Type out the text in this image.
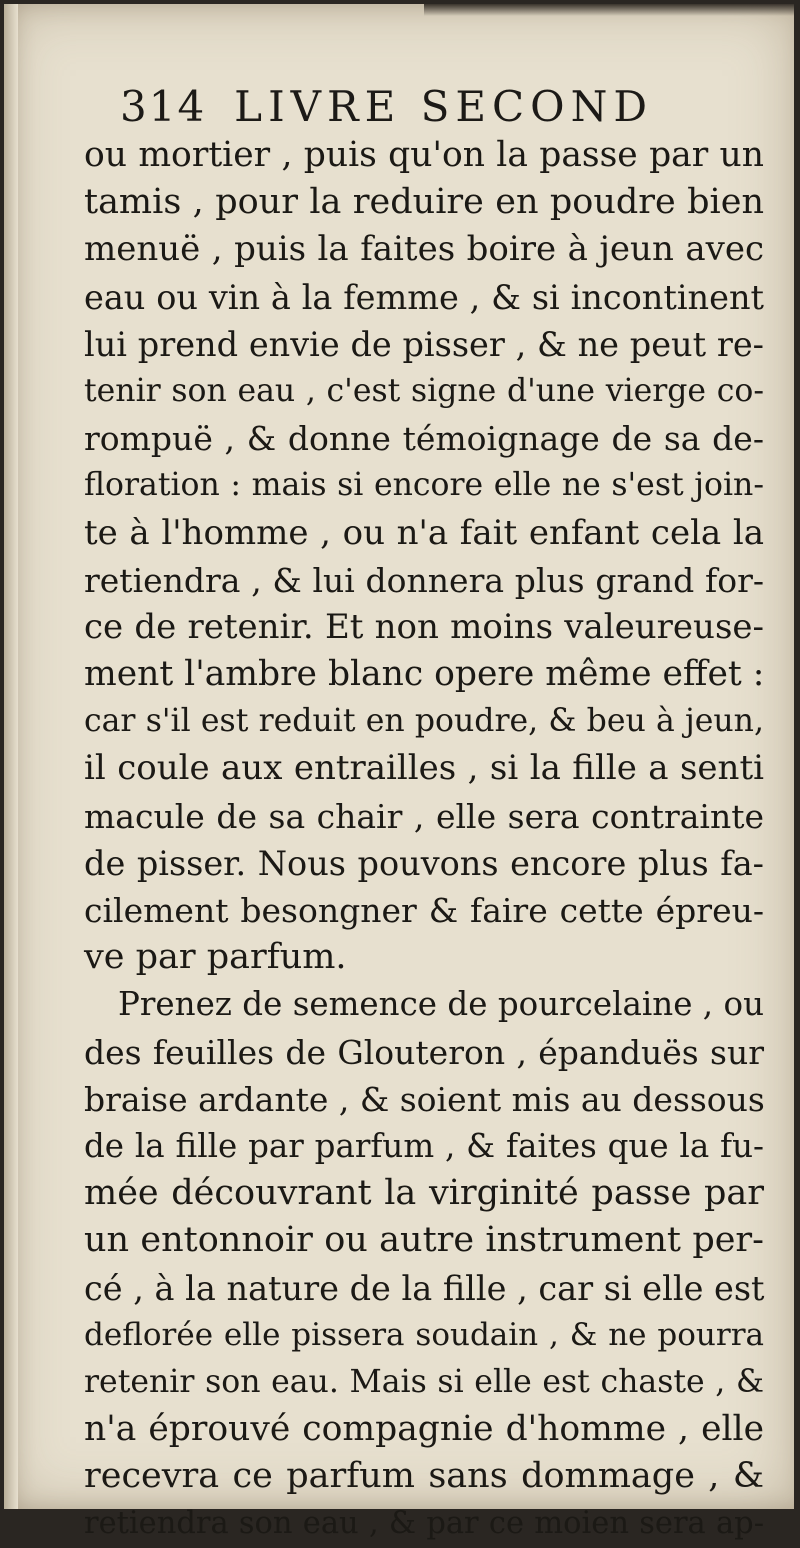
314 LIVRE SECOND
ou mortier , puis qu'on la passe par un
tamis , pour la reduire en poudre bien
menuë , puis la faites boire à jeun avec
eau ou vin à la femme , & si incontinent
lui prend envie de pisser , & ne peut re-
tenir son eau , c'est signe d'une vierge co-
rompuë , & donne témoignage de sa de-
floration : mais si encore elle ne s'est join-
te à l'homme , ou n'a fait enfant cela la
retiendra , & lui donnera plus grand for-
ce de retenir. Et non moins valeureuse-
ment l'ambre blanc opere même effet :
car s'il est reduit en poudre, & beu à jeun,
il coule aux entrailles , si la fille a senti
macule de sa chair , elle sera contrainte
de pisser. Nous pouvons encore plus fa-
cilement besongner & faire cette épreu-
ve par parfum.
Prenez de semence de pourcelaine , ou
des feuilles de Glouteron , épanduës sur
braise ardante , & soient mis au dessous
de la fille par parfum , & faites que la fu-
mée découvrant la virginité passe par
un entonnoir ou autre instrument per-
cé , à la nature de la fille , car si elle est
deflorée elle pissera soudain , & ne pourra
retenir son eau. Mais si elle est chaste , &
n'a éprouvé compagnie d'homme , elle
recevra ce parfum sans dommage , &
retiendra son eau , & par ce moien sera ap-
